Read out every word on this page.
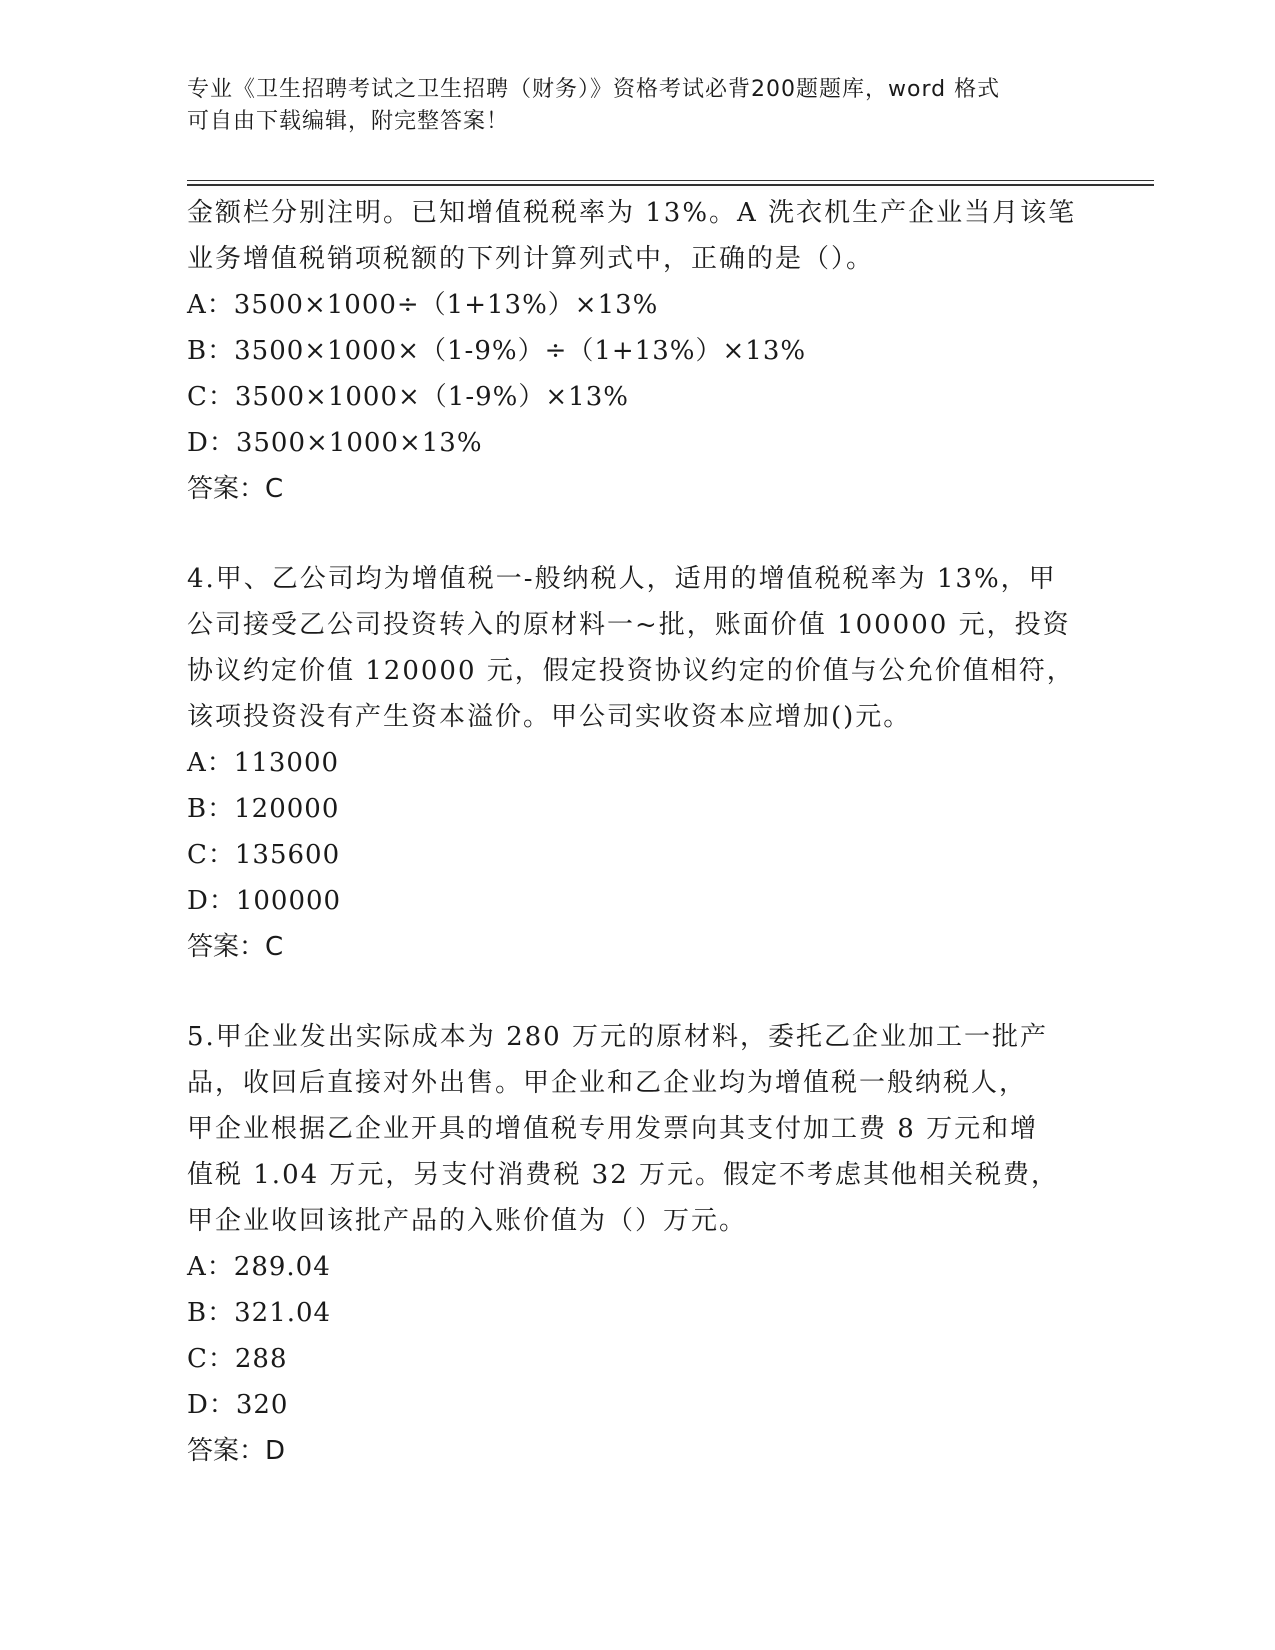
专业《卫生招聘考试之卫生招聘（财务）》资格考试必背200题题库，word 格式
可自由下载编辑，附完整答案！

金额栏分别注明。已知增值税税率为 13%。A 洗衣机生产企业当月该笔

业务增值税销项税额的下列计算列式中，正确的是（）。

A：3500×1000÷（1+13%）×13%

B：3500×1000×（1-9%）÷（1+13%）×13%

C：3500×1000×（1-9%）×13%

D：3500×1000×13%

答案：C

4.甲、乙公司均为增值税一-般纳税人，适用的增值税税率为 13%，甲

公司接受乙公司投资转入的原材料一~批，账面价值 100000 元，投资

协议约定价值 120000 元，假定投资协议约定的价值与公允价值相符，

该项投资没有产生资本溢价。甲公司实收资本应增加()元。

A：113000

B：120000

C：135600

D：100000

答案：C

5.甲企业发出实际成本为 280 万元的原材料，委托乙企业加工一批产

品，收回后直接对外出售。甲企业和乙企业均为增值税一般纳税人，

甲企业根据乙企业开具的增值税专用发票向其支付加工费 8 万元和增

值税 1.04 万元，另支付消费税 32 万元。假定不考虑其他相关税费，

甲企业收回该批产品的入账价值为（）万元。

A：289.04

B：321.04

C：288

D：320

答案：D
